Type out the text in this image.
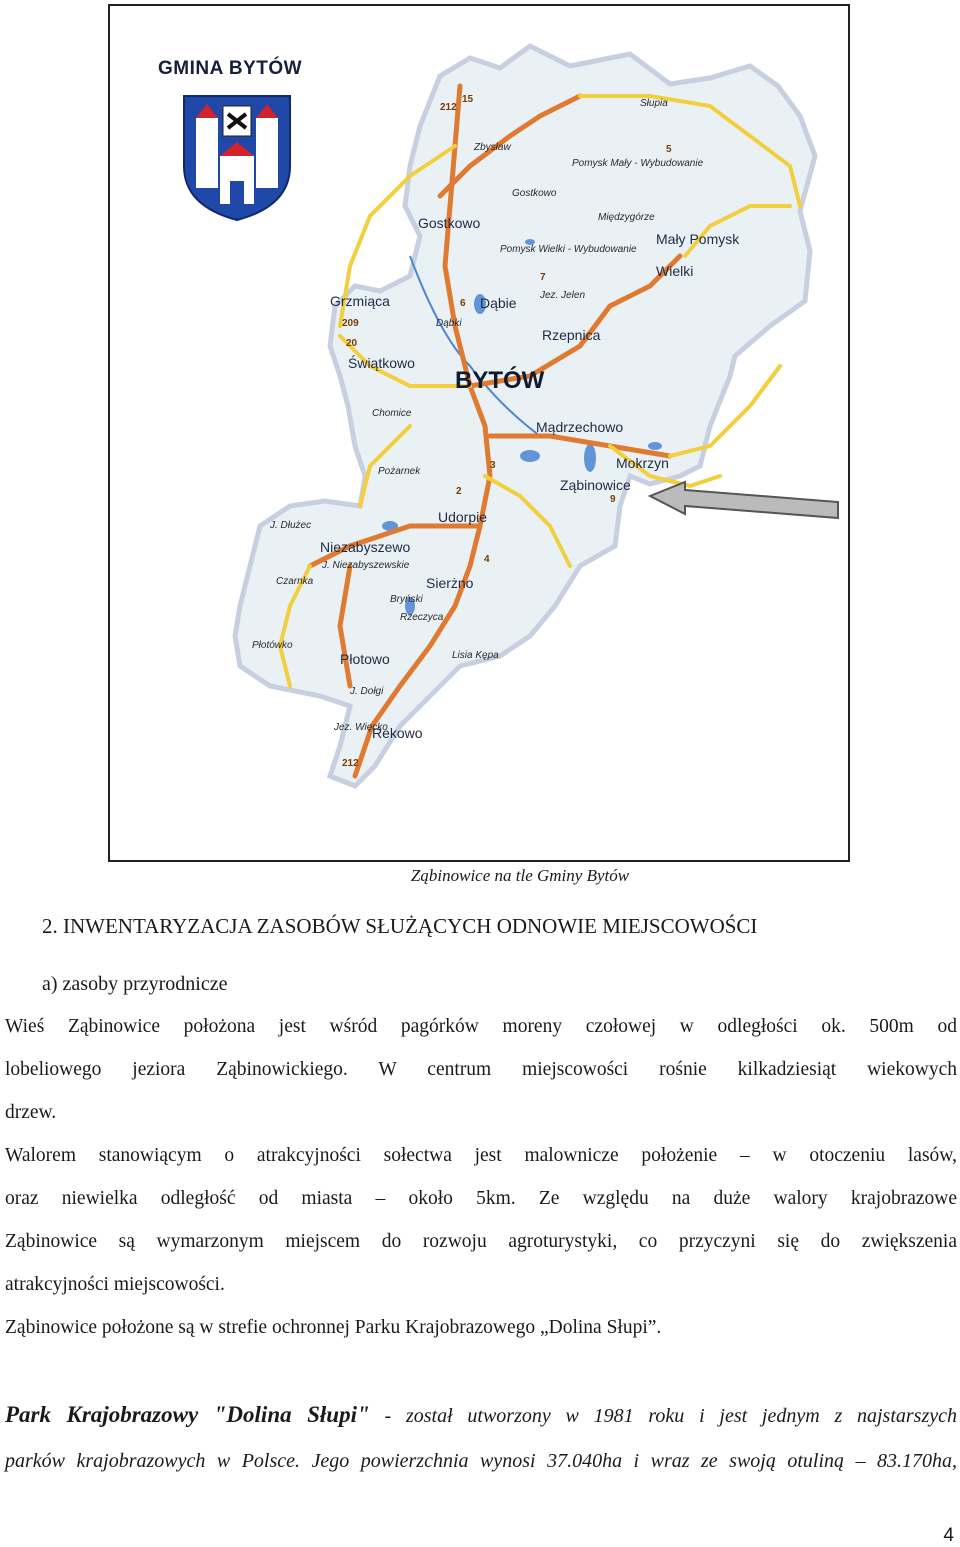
GMINA BYTÓW
BYTÓW
Gostkowo
Grzmiąca
Świątkowo
Dąbie
Rzepnica
Mały Pomysk
Wielki
Mądrzechowo
Mokrzyn
Ząbinowice
Udorpie
Niezabyszewo
Sierżno
Płotowo
Rekowo
Płotówko
Zbysław
Pomysk Mały - Wybudowanie
Gostkowo
Międzygórze
Pomysk Wielki - Wybudowanie
Jez. Jelen
Dąbki
Chomice
Pożarnek
J. Dłużec
Czarnka
J. Niezabyszewskie
Bryński
Rzeczyca
Lisia Kępa
J. Dołgi
Jez. Więcko
Słupia
212
15
209
20
5
6
3
2
4
7
9
212
Ząbinowice na tle Gminy Bytów
2. INWENTARYZACJA ZASOBÓW SŁUŻĄCYCH ODNOWIE MIEJSCOWOŚCI
a) zasoby przyrodnicze
Wieś Ząbinowice położona jest wśród pagórków moreny czołowej w odległości ok. 500m od
lobeliowego jeziora Ząbinowickiego. W centrum miejscowości rośnie kilkadziesiąt wiekowych
drzew.
Walorem stanowiącym o atrakcyjności sołectwa jest malownicze położenie – w otoczeniu lasów,
oraz niewielka odległość od miasta – około 5km. Ze względu na duże walory krajobrazowe
Ząbinowice są wymarzonym miejscem do rozwoju agroturystyki, co przyczyni się do zwiększenia
atrakcyjności miejscowości.
Ząbinowice położone są w strefie ochronnej Parku Krajobrazowego „Dolina Słupi”.
Park Krajobrazowy "Dolina Słupi" - został utworzony w 1981 roku i jest jednym z najstarszych
parków krajobrazowych w Polsce. Jego powierzchnia wynosi 37.040ha i wraz ze swoją otuliną – 83.170ha,
4
